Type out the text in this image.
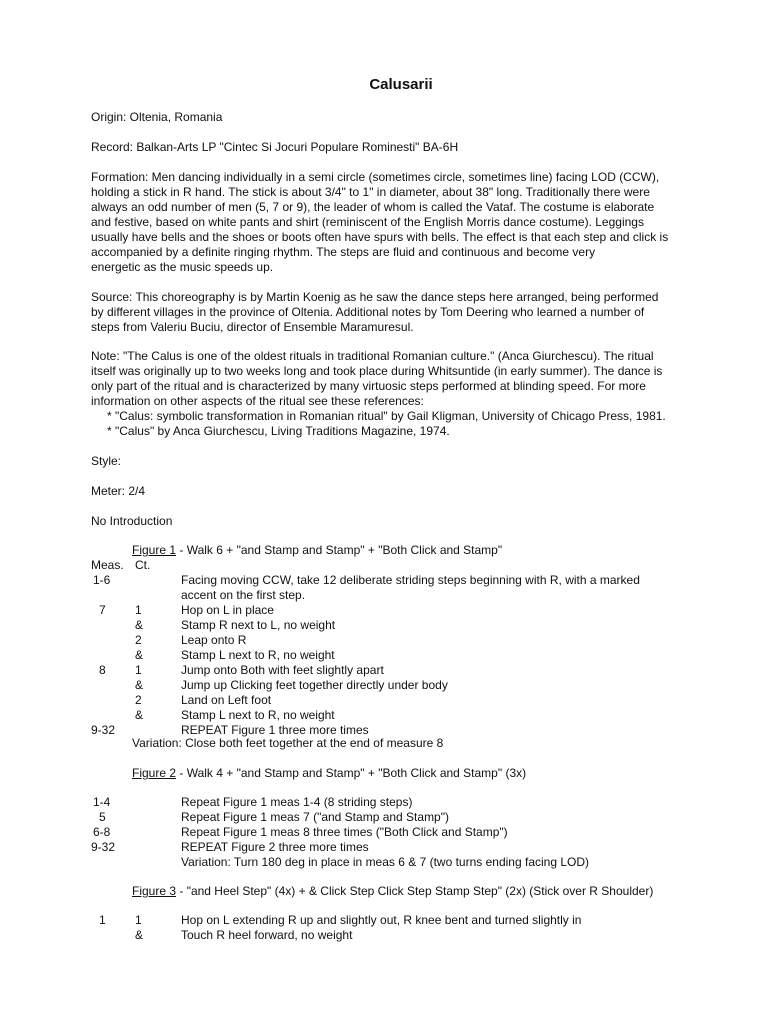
Calusarii
Origin: Oltenia, Romania
Record: Balkan-Arts LP "Cintec Si Jocuri Populare Rominesti" BA-6H
Formation: Men dancing individually in a semi circle (sometimes circle, sometimes line) facing LOD (CCW),
holding a stick in R hand. The stick is about 3/4" to 1" in diameter, about 38" long. Traditionally there were
always an odd number of men (5, 7 or 9), the leader of whom is called the Vataf. The costume is elaborate
and festive, based on white pants and shirt (reminiscent of the English Morris dance costume). Leggings
usually have bells and the shoes or boots often have spurs with bells. The effect is that each step and click is
accompanied by a definite ringing rhythm. The steps are fluid and continuous and become very
energetic as the music speeds up.
Source: This choreography is by Martin Koenig as he saw the dance steps here arranged, being performed
by different villages in the province of Oltenia. Additional notes by Tom Deering who learned a number of
steps from Valeriu Buciu, director of Ensemble Maramuresul.
Note: "The Calus is one of the oldest rituals in traditional Romanian culture." (Anca Giurchescu). The ritual
itself was originally up to two weeks long and took place during Whitsuntide (in early summer). The dance is
only part of the ritual and is characterized by many virtuosic steps performed at blinding speed. For more
information on other aspects of the ritual see these references:
* "Calus: symbolic transformation in Romanian ritual" by Gail Kligman, University of Chicago Press, 1981.
* "Calus" by Anca Giurchescu, Living Traditions Magazine, 1974.
Style:
Meter: 2/4
No Introduction
Figure 1 - Walk 6 + "and Stamp and Stamp" + "Both Click and Stamp"
Meas. Ct.
1-6	Facing moving CCW, take 12 deliberate striding steps beginning with R, with a marked
accent on the first step.
7 1	Hop on L in place
&	Stamp R next to L, no weight
2	Leap onto R
&	Stamp L next to R, no weight
8 1	Jump onto Both with feet slightly apart
&	Jump up Clicking feet together directly under body
2	Land on Left foot
&	Stamp L next to R, no weight
9-32	REPEAT Figure 1 three more times
Variation: Close both feet together at the end of measure 8
Figure 2 - Walk 4 + "and Stamp and Stamp" + "Both Click and Stamp" (3x)
1-4	Repeat Figure 1 meas 1-4 (8 striding steps)
5	Repeat Figure 1 meas 7 ("and Stamp and Stamp")
6-8	Repeat Figure 1 meas 8 three times ("Both Click and Stamp")
9-32	REPEAT Figure 2 three more times
Variation: Turn 180 deg in place in meas 6 & 7 (two turns ending facing LOD)
Figure 3 - "and Heel Step" (4x) + & Click Step Click Step Stamp Step" (2x) (Stick over R Shoulder)
1 1	Hop on L extending R up and slightly out, R knee bent and turned slightly in
&	Touch R heel forward, no weight
